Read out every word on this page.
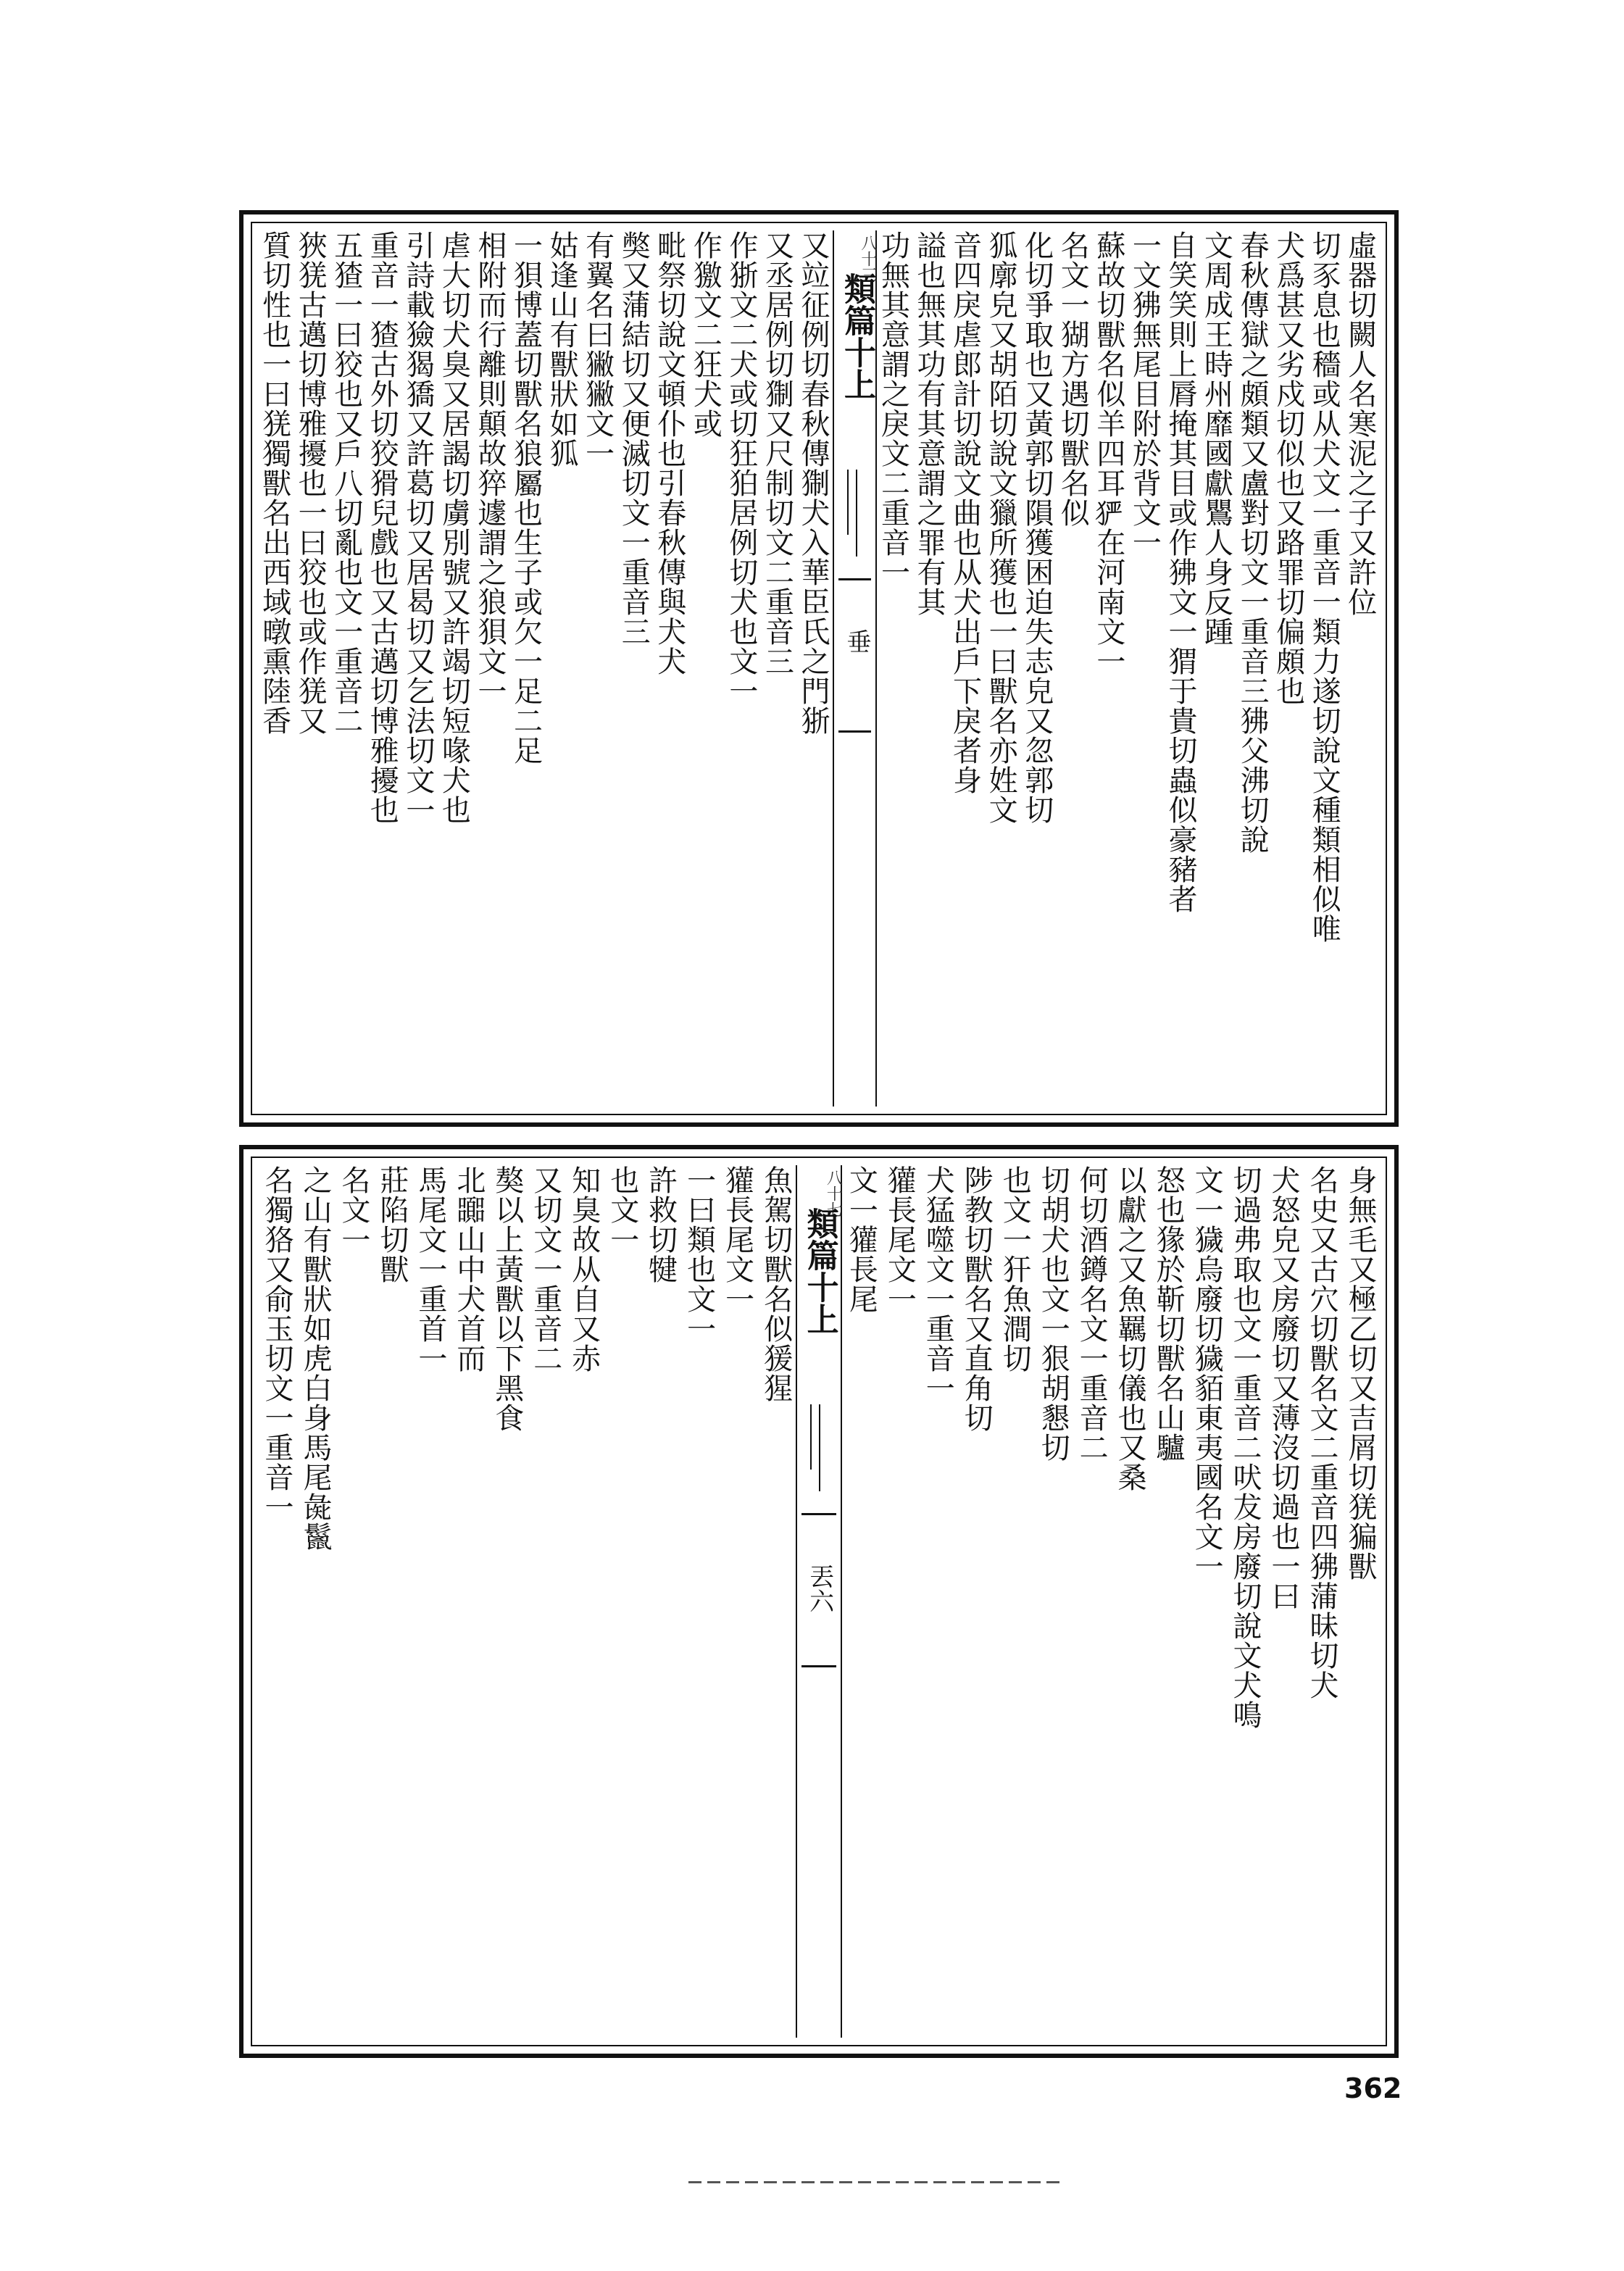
虛器切闕人名寒泥之子又許位
切豕息也穡或从犬文一重音一類力遂切說文種類相似唯
犬爲甚又劣戍切似也又路罪切偏頗也
春秋傳獄之頗類又盧對切文一重音三狒父沸切說
文周成王時州靡國獻鸎人身反踵
自笑笑則上脣掩其目或作狒文一猬于貴切蟲似豪豬者
一文狒無尾目附於背文一
蘇故切獸名似羊四耳𤞤在河南文一
名文一猢方遇切獸名似
化切爭取也又黃郭切隕獲困迫失志皃又忽郭切
狐廓皃又胡陌切說文獵所獲也一曰獸名亦姓文
音四戾虐郎計切說文曲也从犬出戶下戾者身
謚也無其功有其意謂之罪有其
功無其意謂之戾文二重音一
八十三
類篇十上
垂
又竝征例切春秋傳猘犬入華臣氏之門狾
又丞居例切猘又尺制切文二重音三
作狾文二犬或切狂狛居例切犬也文一
作獥文二狂犬或
毗祭切說文頓仆也引春秋傳與犬犬
獘又蒲結切又便滅切文一重音三
有翼名曰獙獙文一
姑逢山有獸狀如狐
一狽博蓋切獸名狼屬也生子或欠一足二足
相附而行離則顛故猝遽謂之狼狽文一
虐大切犬臭又居謁切虜別號又許竭切短喙犬也
引詩載獫猲獢又許葛切又居曷切又乞法切文一
重音一猹古外切狡猾兒戲也又古邁切博雅擾也
五猹一曰狡也又戶八切亂也文一重音二
狹猐古邁切博雅擾也一曰狡也或作猐又
質切性也一曰猐獨獸名出西域暾熏陸香
身無毛又極乙切又吉屑切猐猵獸
名史又古穴切獸名文二重音四狒蒲昧切犬
犬怒皃又房廢切又薄沒切過也一曰
切過弗取也文一重音二吠犮房廢切說文犬鳴
文一獩烏廢切獩貊東夷國名文一
怒也猭於靳切獸名山驢
以獻之又魚羈切儀也又桑
何切酒鐏名文一重音二
切胡犬也文一狠胡懇切
也文一犴魚澗切
陟教切獸名又直角切
犬猛噬文一重音一
獾長尾文一
文一獾長尾
八十七
類篇十上
丟六
魚駕切獸名似猨猩
獾長尾文一
一曰類也文一
許救切犍
也文一
知臭故从自又赤
又切文一重音二
獒以上黃獸以下黑食
北嚻山中犬首而
馬尾文一重首一
莊陷切獸
名文一
之山有獸狀如虎白身馬尾彘鬣
名獨狢又俞玉切文一重音一
362
